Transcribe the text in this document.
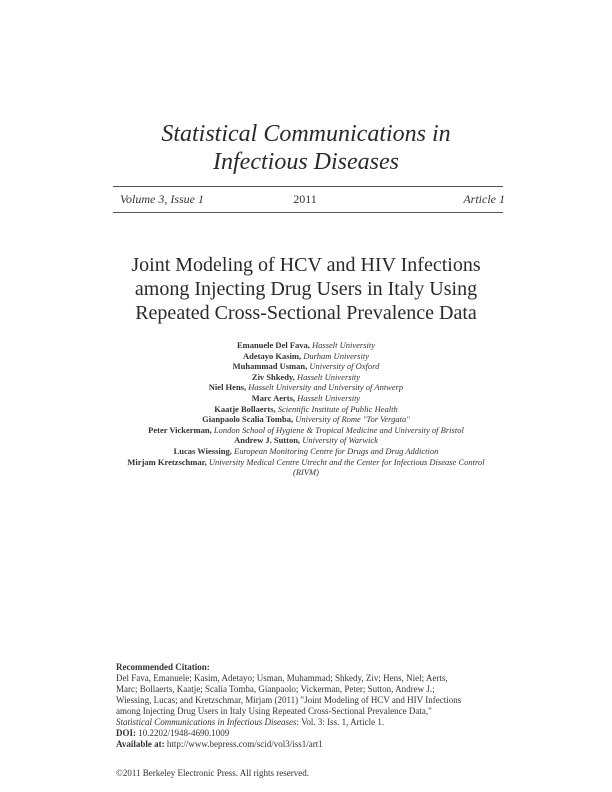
Statistical Communications in
Infectious Diseases
Volume 3, Issue 1	2011	Article 1
Joint Modeling of HCV and HIV Infections
among Injecting Drug Users in Italy Using
Repeated Cross-Sectional Prevalence Data
Emanuele Del Fava, Hasselt University
Adetayo Kasim, Durham University
Muhammad Usman, University of Oxford
Ziv Shkedy, Hasselt University
Niel Hens, Hasselt University and University of Antwerp
Marc Aerts, Hasselt University
Kaatje Bollaerts, Scientific Institute of Public Health
Gianpaolo Scalia Tomba, University of Rome "Tor Vergata"
Peter Vickerman, London School of Hygiene & Tropical Medicine and University of Bristol
Andrew J. Sutton, University of Warwick
Lucas Wiessing, European Monitoring Centre for Drugs and Drug Addiction
Mirjam Kretzschmar, University Medical Centre Utrecht and the Center for Infectious Disease Control
(RIVM)
Recommended Citation:
Del Fava, Emanuele; Kasim, Adetayo; Usman, Muhammad; Shkedy, Ziv; Hens, Niel; Aerts,
Marc; Bollaerts, Kaatje; Scalia Tomba, Gianpaolo; Vickerman, Peter; Sutton, Andrew J.;
Wiessing, Lucas; and Kretzschmar, Mirjam (2011) "Joint Modeling of HCV and HIV Infections
among Injecting Drug Users in Italy Using Repeated Cross-Sectional Prevalence Data,"
Statistical Communications in Infectious Diseases: Vol. 3: Iss. 1, Article 1.
DOI: 10.2202/1948-4690.1009
Available at: http://www.bepress.com/scid/vol3/iss1/art1
©2011 Berkeley Electronic Press. All rights reserved.
